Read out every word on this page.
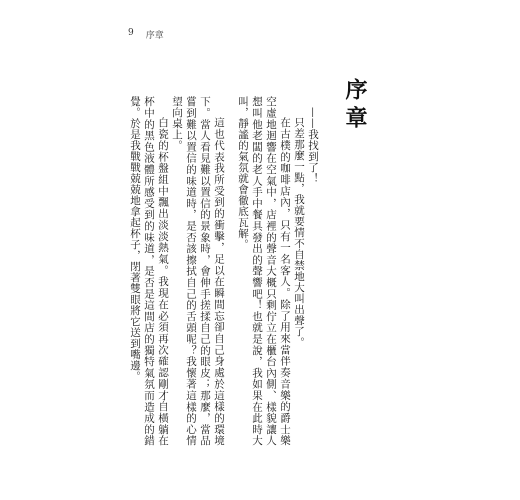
9 序章
序章

——我找到了！

只差那麼一點，我就要情不自禁地大叫出聲了。

在古樸的咖啡店內，只有一名客人。除了用來當伴奏音樂的爵士樂空虛地迴響在空氣中，店裡的聲音大概只剩佇立在櫃台內側、樣貌讓人想叫他老闆的老人手中餐具發出的聲響吧！也就是說，我如果在此時大叫，靜謐的氣氛就會徹底瓦解。

這也代表我所受到的衝擊，足以在瞬間忘卻自己身處於這樣的環境下。當人看見難以置信的景象時，會伸手搓揉自己的眼皮；那麼，當品嘗到難以置信的味道時，是否該擦拭自己的舌頭呢？我懷著這樣的心情望向桌上。

白瓷的杯盤組中飄出淡淡熱氣。我現在必須再次確認剛才自橫躺在杯中的黑色液體所感受到的味道，是否是這間店的獨特氣氛而造成的錯覺。於是我戰戰兢兢地拿起杯子，閉著雙眼將它送到嘴邊。
